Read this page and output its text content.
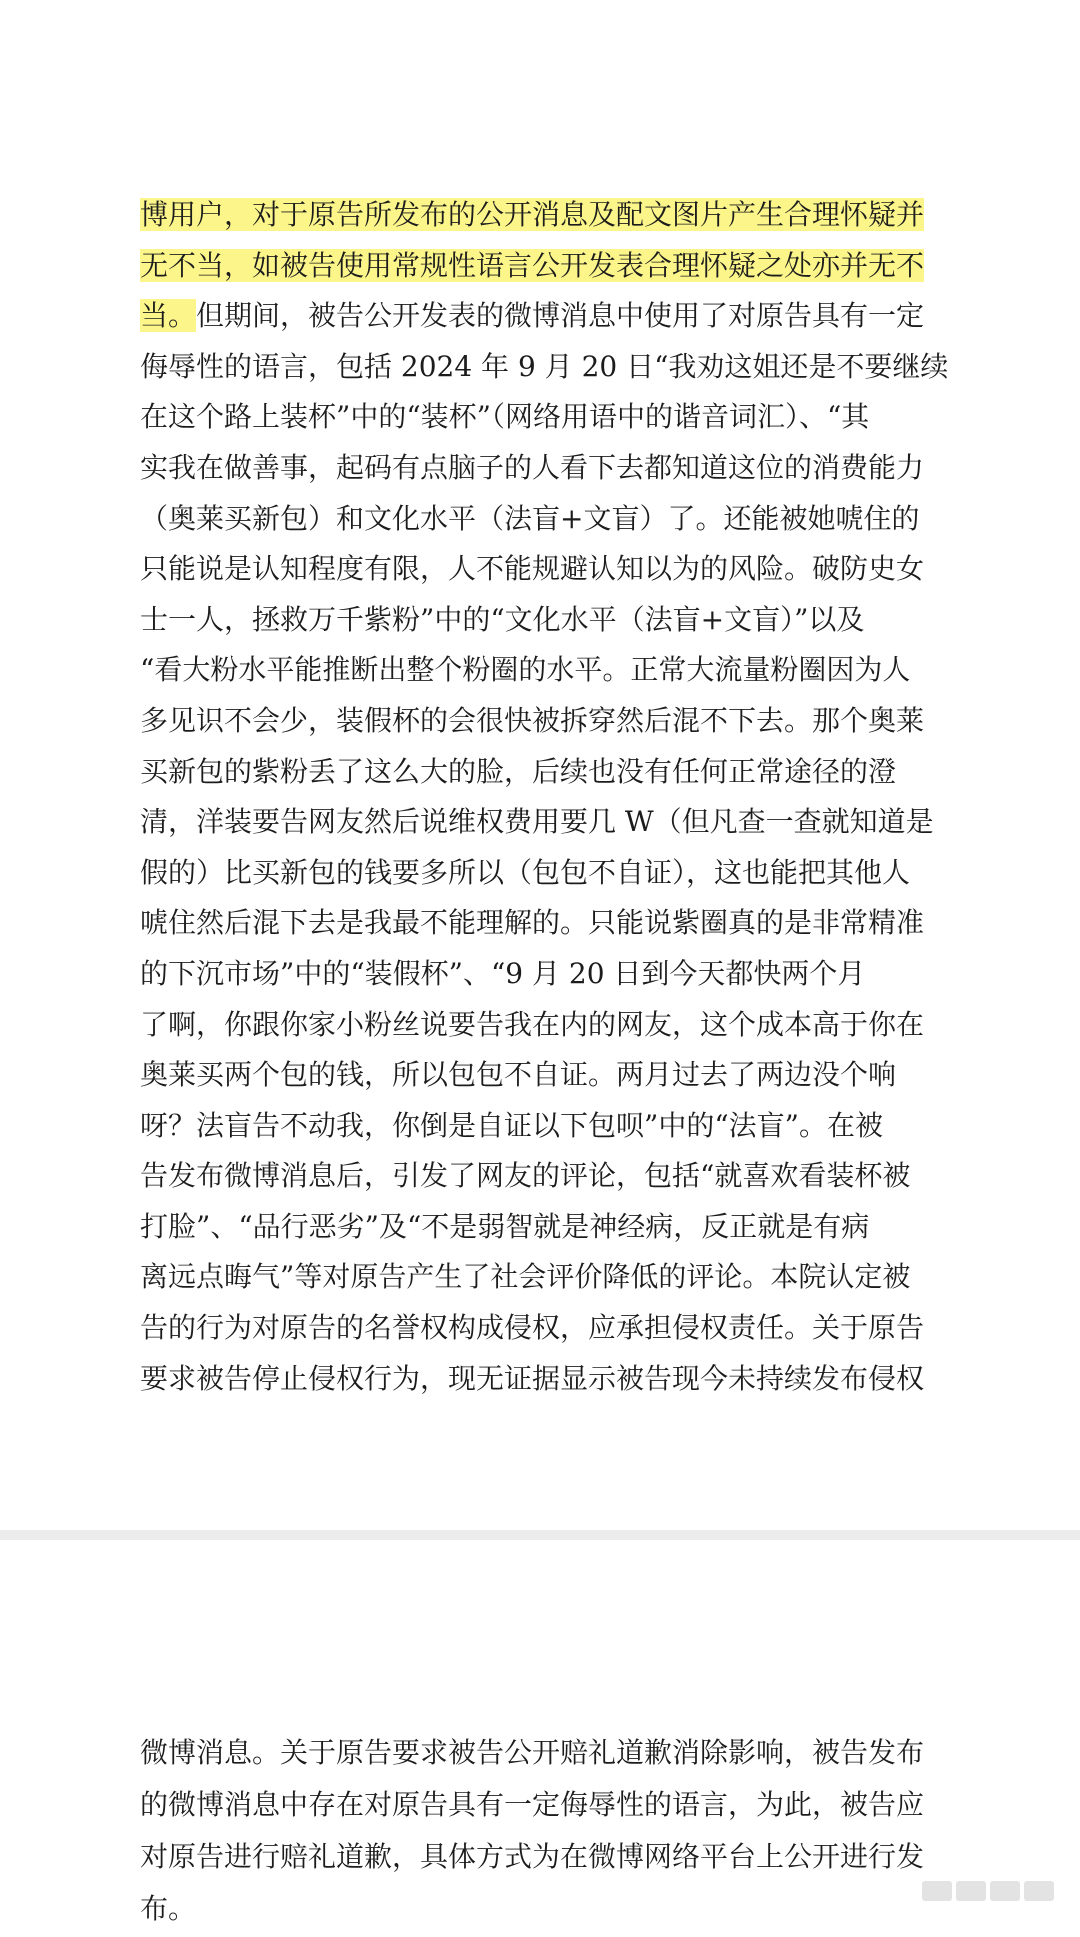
博用户，对于原告所发布的公开消息及配文图片产生合理怀疑并
无不当，如被告使用常规性语言公开发表合理怀疑之处亦并无不
当。但期间，被告公开发表的微博消息中使用了对原告具有一定
侮辱性的语言，包括 2024 年 9 月 20 日“我劝这姐还是不要继续
在这个路上装杯”中的“装杯”（网络用语中的谐音词汇）、“其
实我在做善事，起码有点脑子的人看下去都知道这位的消费能力
（奥莱买新包）和文化水平（法盲+文盲）了。还能被她唬住的
只能说是认知程度有限，人不能规避认知以为的风险。破防史女
士一人，拯救万千紫粉”中的“文化水平（法盲+文盲）”以及
“看大粉水平能推断出整个粉圈的水平。正常大流量粉圈因为人
多见识不会少，装假杯的会很快被拆穿然后混不下去。那个奥莱
买新包的紫粉丢了这么大的脸，后续也没有任何正常途径的澄
清，洋装要告网友然后说维权费用要几 W（但凡查一查就知道是
假的）比买新包的钱要多所以（包包不自证），这也能把其他人
唬住然后混下去是我最不能理解的。只能说紫圈真的是非常精准
的下沉市场”中的“装假杯”、“9 月 20 日到今天都快两个月
了啊，你跟你家小粉丝说要告我在内的网友，这个成本高于你在
奥莱买两个包的钱，所以包包不自证。两月过去了两边没个响
呀？法盲告不动我，你倒是自证以下包呗”中的“法盲”。在被
告发布微博消息后，引发了网友的评论，包括“就喜欢看装杯被
打脸”、“品行恶劣”及“不是弱智就是神经病，反正就是有病
离远点晦气”等对原告产生了社会评价降低的评论。本院认定被
告的行为对原告的名誉权构成侵权，应承担侵权责任。关于原告
要求被告停止侵权行为，现无证据显示被告现今未持续发布侵权
微博消息。关于原告要求被告公开赔礼道歉消除影响，被告发布
的微博消息中存在对原告具有一定侮辱性的语言，为此，被告应
对原告进行赔礼道歉，具体方式为在微博网络平台上公开进行发
布。
